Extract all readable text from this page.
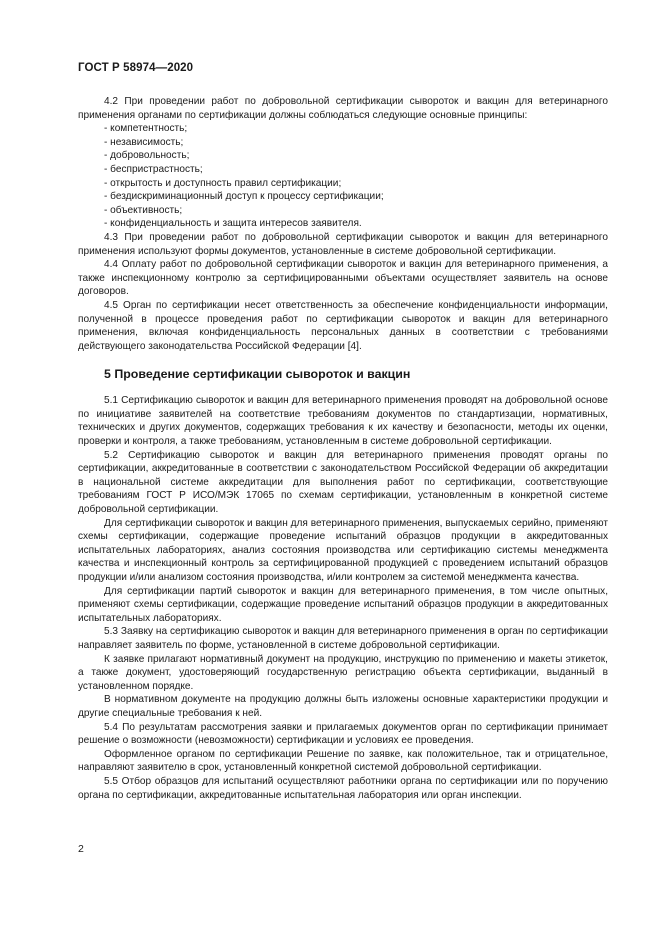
ГОСТ Р 58974—2020

4.2 При проведении работ по добровольной сертификации сывороток и вакцин для ветеринарного применения органами по сертификации должны соблюдаться следующие основные принципы:

- компетентность;
- независимость;
- добровольность;
- беспристрастность;
- открытость и доступность правил сертификации;
- бездискриминационный доступ к процессу сертификации;
- объективность;
- конфиденциальность и защита интересов заявителя.

4.3 При проведении работ по добровольной сертификации сывороток и вакцин для ветеринарного применения используют формы документов, установленные в системе добровольной сертификации.

4.4 Оплату работ по добровольной сертификации сывороток и вакцин для ветеринарного применения, а также инспекционному контролю за сертифицированными объектами осуществляет заявитель на основе договоров.

4.5 Орган по сертификации несет ответственность за обеспечение конфиденциальности информации, полученной в процессе проведения работ по сертификации сывороток и вакцин для ветеринарного применения, включая конфиденциальность персональных данных в соответствии с требованиями действующего законодательства Российской Федерации [4].

5 Проведение сертификации сывороток и вакцин

5.1 Сертификацию сывороток и вакцин для ветеринарного применения проводят на добровольной основе по инициативе заявителей на соответствие требованиям документов по стандартизации, нормативных, технических и других документов, содержащих требования к их качеству и безопасности, методы их оценки, проверки и контроля, а также требованиям, установленным в системе добровольной сертификации.

5.2 Сертификацию сывороток и вакцин для ветеринарного применения проводят органы по сертификации, аккредитованные в соответствии с законодательством Российской Федерации об аккредитации в национальной системе аккредитации для выполнения работ по сертификации, соответствующие требованиям ГОСТ Р ИСО/МЭК 17065 по схемам сертификации, установленным в конкретной системе добровольной сертификации.

Для сертификации сывороток и вакцин для ветеринарного применения, выпускаемых серийно, применяют схемы сертификации, содержащие проведение испытаний образцов продукции в аккредитованных испытательных лабораториях, анализ состояния производства или сертификацию системы менеджмента качества и инспекционный контроль за сертифицированной продукцией с проведением испытаний образцов продукции и/или анализом состояния производства, и/или контролем за системой менеджмента качества.

Для сертификации партий сывороток и вакцин для ветеринарного применения, в том числе опытных, применяют схемы сертификации, содержащие проведение испытаний образцов продукции в аккредитованных испытательных лабораториях.

5.3 Заявку на сертификацию сывороток и вакцин для ветеринарного применения в орган по сертификации направляет заявитель по форме, установленной в системе добровольной сертификации.

К заявке прилагают нормативный документ на продукцию, инструкцию по применению и макеты этикеток, а также документ, удостоверяющий государственную регистрацию объекта сертификации, выданный в установленном порядке.

В нормативном документе на продукцию должны быть изложены основные характеристики продукции и другие специальные требования к ней.

5.4 По результатам рассмотрения заявки и прилагаемых документов орган по сертификации принимает решение о возможности (невозможности) сертификации и условиях ее проведения.

Оформленное органом по сертификации Решение по заявке, как положительное, так и отрицательное, направляют заявителю в срок, установленный конкретной системой добровольной сертификации.

5.5 Отбор образцов для испытаний осуществляют работники органа по сертификации или по поручению органа по сертификации, аккредитованные испытательная лаборатория или орган инспекции.

2
